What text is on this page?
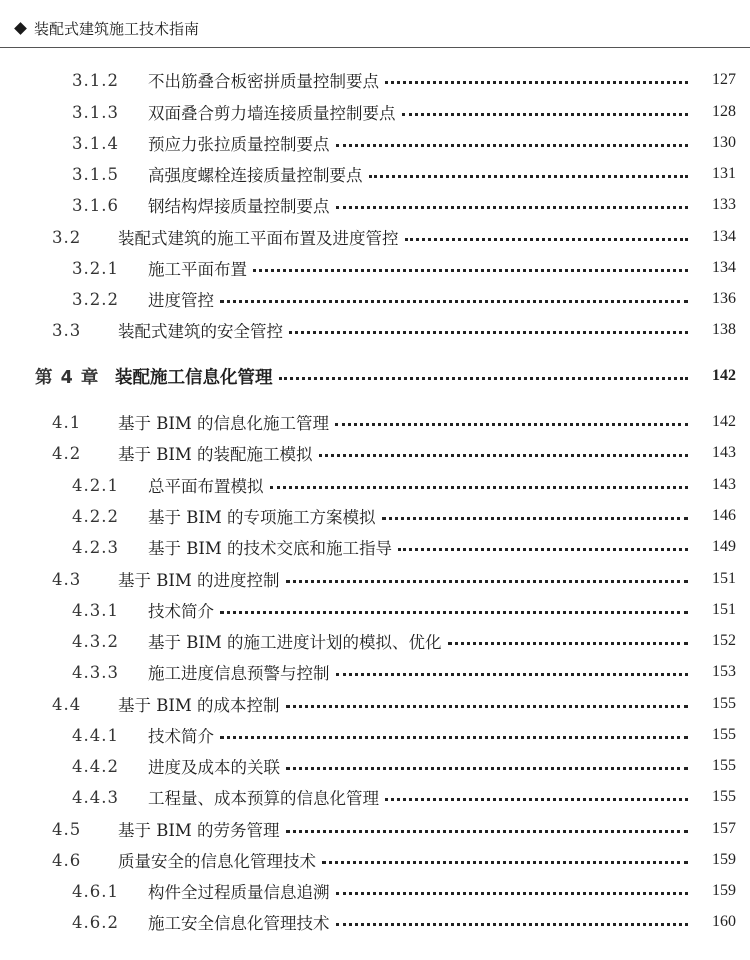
装配式建筑施工技术指南
3.1.2	不出筋叠合板密拼质量控制要点	127
3.1.3	双面叠合剪力墙连接质量控制要点	128
3.1.4	预应力张拉质量控制要点	130
3.1.5	高强度螺栓连接质量控制要点	131
3.1.6	钢结构焊接质量控制要点	133
3.2	装配式建筑的施工平面布置及进度管控	134
3.2.1	施工平面布置	134
3.2.2	进度管控	136
3.3	装配式建筑的安全管控	138
第 4 章 装配施工信息化管理	142
4.1	基于 BIM 的信息化施工管理	142
4.2	基于 BIM 的装配施工模拟	143
4.2.1	总平面布置模拟	143
4.2.2	基于 BIM 的专项施工方案模拟	146
4.2.3	基于 BIM 的技术交底和施工指导	149
4.3	基于 BIM 的进度控制	151
4.3.1	技术简介	151
4.3.2	基于 BIM 的施工进度计划的模拟、优化	152
4.3.3	施工进度信息预警与控制	153
4.4	基于 BIM 的成本控制	155
4.4.1	技术简介	155
4.4.2	进度及成本的关联	155
4.4.3	工程量、成本预算的信息化管理	155
4.5	基于 BIM 的劳务管理	157
4.6	质量安全的信息化管理技术	159
4.6.1	构件全过程质量信息追溯	159
4.6.2	施工安全信息化管理技术	160
